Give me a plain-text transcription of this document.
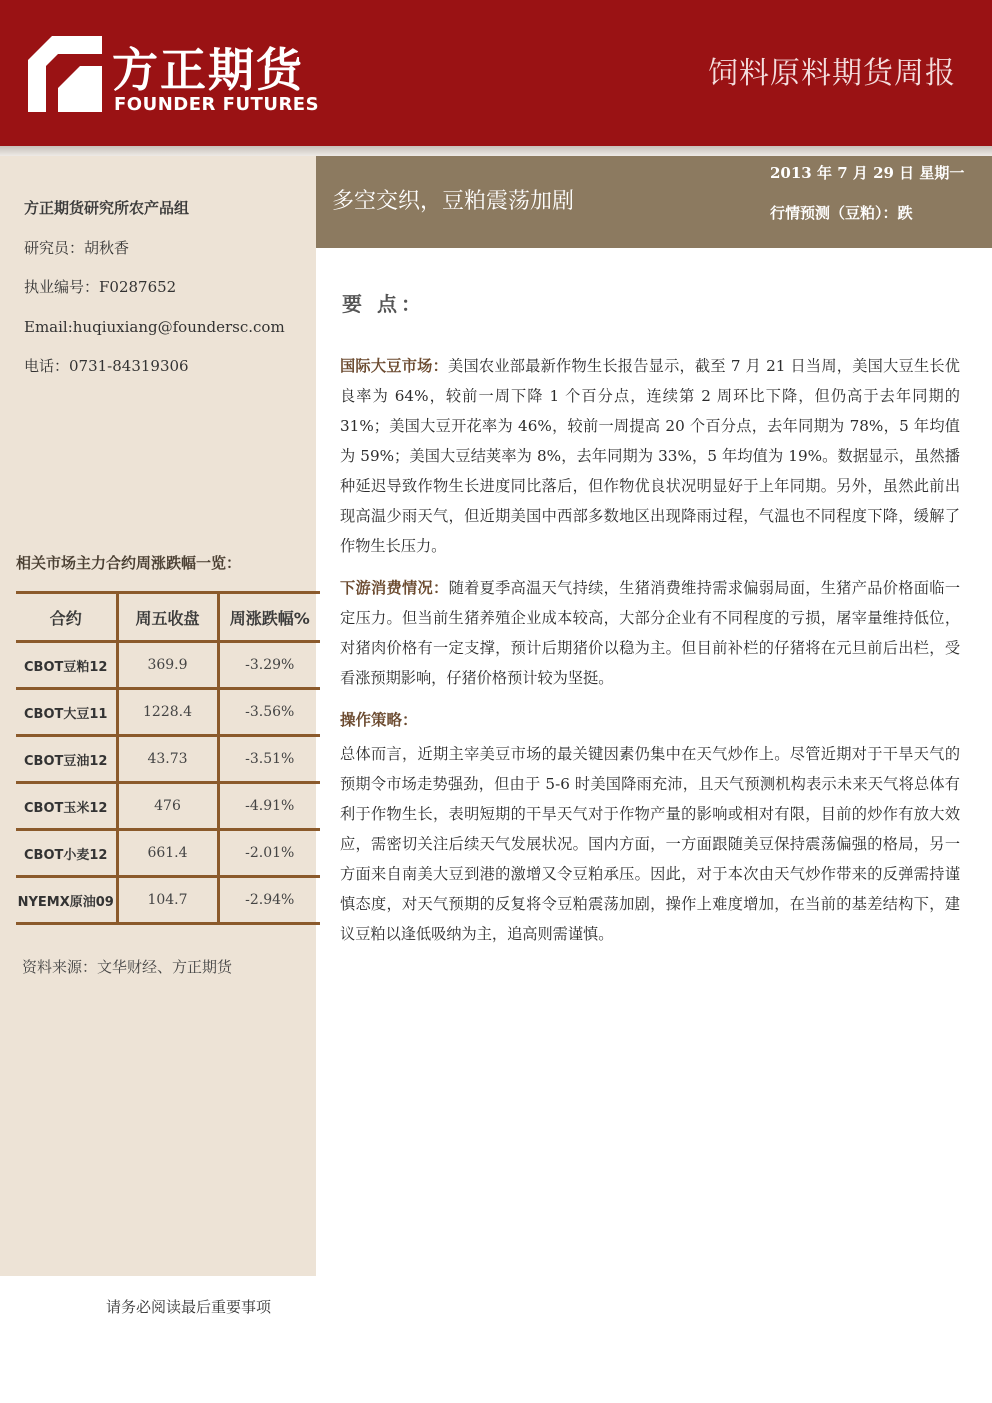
方正期货
FOUNDER FUTURES
饲料原料期货周报
多空交织，豆粕震荡加剧
2013 年 7 月 29 日 星期一
行情预测（豆粕）：跌
方正期货研究所农产品组
研究员：胡秋香
执业编号：F0287652
Email:huqiuxiang@foundersc.com
电话：0731-84319306
相关市场主力合约周涨跌幅一览：
合约	周五收盘	周涨跌幅%
CBOT豆粕12	369.9	-3.29%
CBOT大豆11	1228.4	-3.56%
CBOT豆油12	43.73	-3.51%
CBOT玉米12	476	-4.91%
CBOT小麦12	661.4	-2.01%
NYEMX原油09	104.7	-2.94%
资料来源：文华财经、方正期货
要 点：

国际大豆市场：美国农业部最新作物生长报告显示，截至 7 月 21 日当周，美国大豆生长优良率为 64%，较前一周下降 1 个百分点，连续第 2 周环比下降，但仍高于去年同期的 31%；美国大豆开花率为 46%，较前一周提高 20 个百分点，去年同期为 78%，5 年均值为 59%；美国大豆结荚率为 8%，去年同期为 33%，5 年均值为 19%。数据显示，虽然播种延迟导致作物生长进度同比落后，但作物优良状况明显好于上年同期。另外，虽然此前出现高温少雨天气，但近期美国中西部多数地区出现降雨过程，气温也不同程度下降，缓解了作物生长压力。

下游消费情况：随着夏季高温天气持续，生猪消费维持需求偏弱局面，生猪产品价格面临一定压力。但当前生猪养殖企业成本较高，大部分企业有不同程度的亏损，屠宰量维持低位，对猪肉价格有一定支撑，预计后期猪价以稳为主。但目前补栏的仔猪将在元旦前后出栏，受看涨预期影响，仔猪价格预计较为坚挺。

操作策略：

总体而言，近期主宰美豆市场的最关键因素仍集中在天气炒作上。尽管近期对于干旱天气的预期令市场走势强劲，但由于 5-6 时美国降雨充沛，且天气预测机构表示未来天气将总体有利于作物生长，表明短期的干旱天气对于作物产量的影响或相对有限，目前的炒作有放大效应，需密切关注后续天气发展状况。国内方面，一方面跟随美豆保持震荡偏强的格局，另一方面来自南美大豆到港的激增又令豆粕承压。因此，对于本次由天气炒作带来的反弹需持谨慎态度，对天气预期的反复将令豆粕震荡加剧，操作上难度增加，在当前的基差结构下，建议豆粕以逢低吸纳为主，追高则需谨慎。

请务必阅读最后重要事项
